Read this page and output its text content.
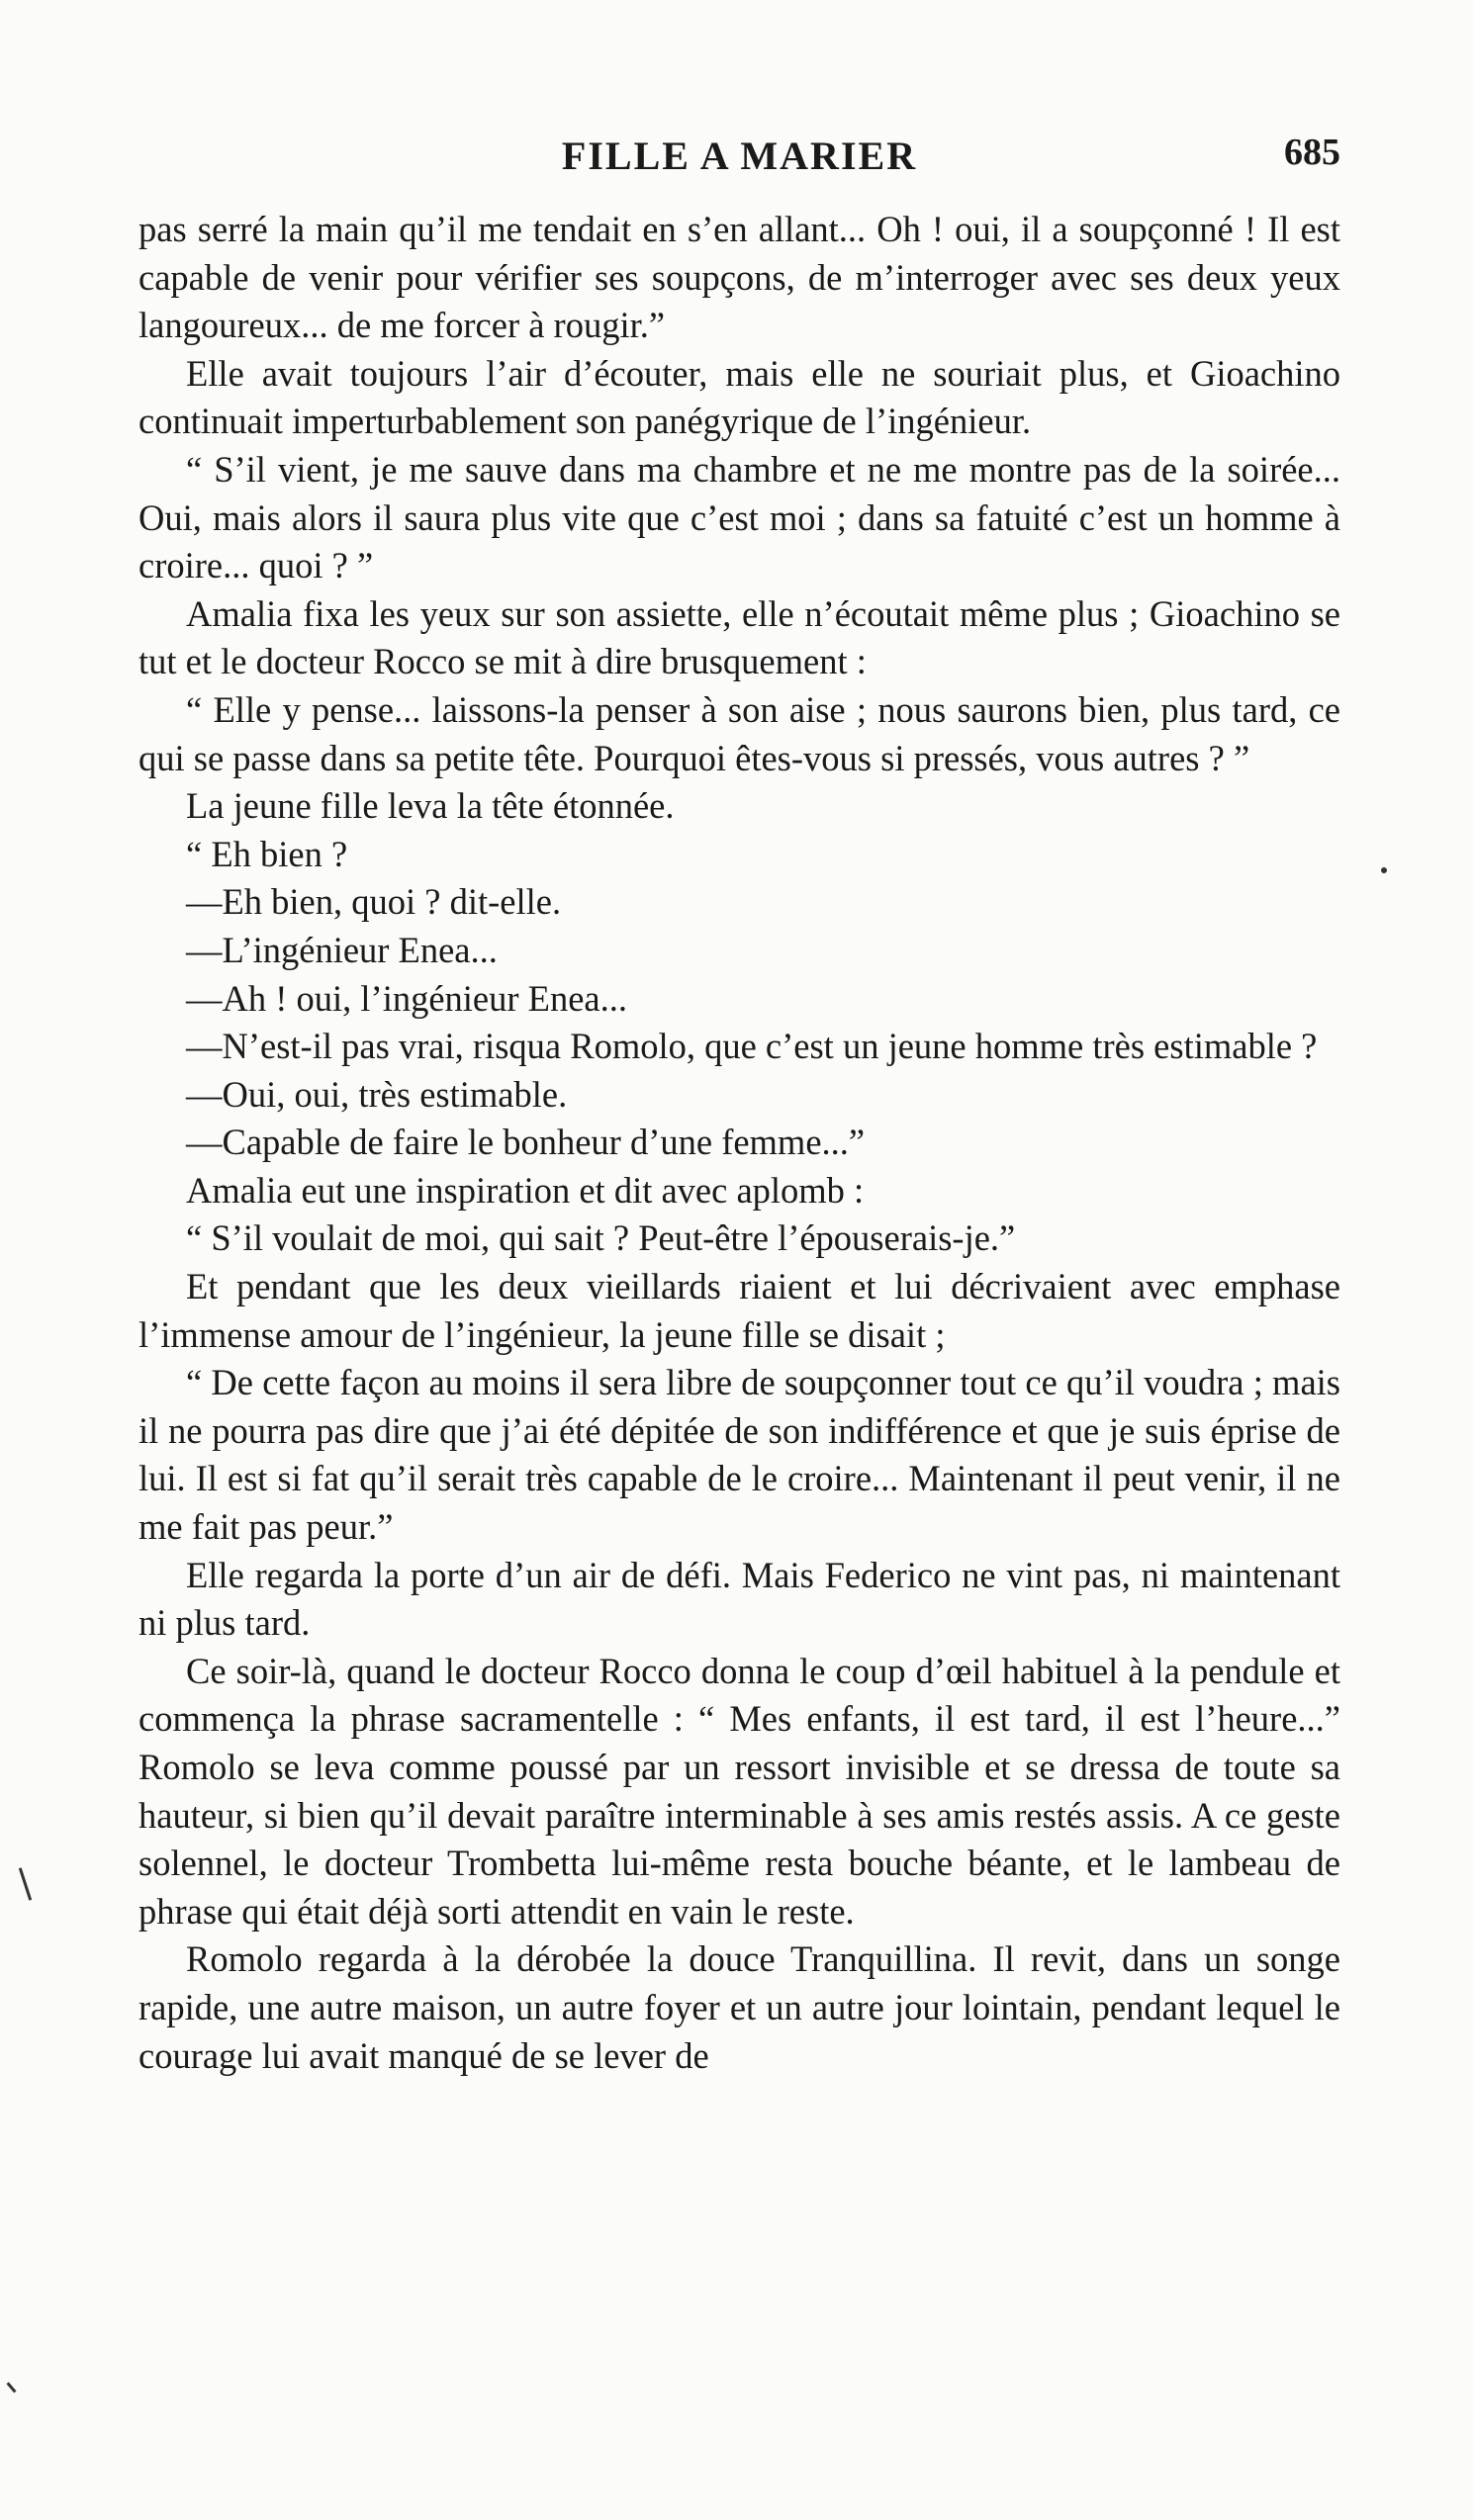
FILLE A MARIER	685

pas serré la main qu’il me tendait en s’en allant... Oh ! oui, il a soupçonné ! Il est capable de venir pour vérifier ses soupçons, de m’interroger avec ses deux yeux langoureux... de me forcer à rougir.”

Elle avait toujours l’air d’écouter, mais elle ne souriait plus, et Gioachino continuait imperturbablement son panégyrique de l’ingénieur.

“ S’il vient, je me sauve dans ma chambre et ne me montre pas de la soirée... Oui, mais alors il saura plus vite que c’est moi ; dans sa fatuité c’est un homme à croire... quoi ? ”

Amalia fixa les yeux sur son assiette, elle n’écoutait même plus ; Gioachino se tut et le docteur Rocco se mit à dire brusquement :

“ Elle y pense... laissons-la penser à son aise ; nous saurons bien, plus tard, ce qui se passe dans sa petite tête. Pourquoi êtes-vous si pressés, vous autres ? ”

La jeune fille leva la tête étonnée.

“ Eh bien ?

—Eh bien, quoi ? dit-elle.

—L’ingénieur Enea...

—Ah ! oui, l’ingénieur Enea...

—N’est-il pas vrai, risqua Romolo, que c’est un jeune homme très estimable ?

—Oui, oui, très estimable.

—Capable de faire le bonheur d’une femme...”

Amalia eut une inspiration et dit avec aplomb :

“ S’il voulait de moi, qui sait ? Peut-être l’épouserais-je.”

Et pendant que les deux vieillards riaient et lui décrivaient avec emphase l’immense amour de l’ingénieur, la jeune fille se disait ;

“ De cette façon au moins il sera libre de soupçonner tout ce qu’il voudra ; mais il ne pourra pas dire que j’ai été dépitée de son indifférence et que je suis éprise de lui. Il est si fat qu’il serait très capable de le croire... Maintenant il peut venir, il ne me fait pas peur.”

Elle regarda la porte d’un air de défi. Mais Federico ne vint pas, ni maintenant ni plus tard.

Ce soir-là, quand le docteur Rocco donna le coup d’œil habituel à la pendule et commença la phrase sacramentelle : “ Mes enfants, il est tard, il est l’heure...” Romolo se leva comme poussé par un ressort invisible et se dressa de toute sa hauteur, si bien qu’il devait paraître interminable à ses amis restés assis. A ce geste solennel, le docteur Trombetta lui-même resta bouche béante, et le lambeau de phrase qui était déjà sorti attendit en vain le reste.

Romolo regarda à la dérobée la douce Tranquillina. Il revit, dans un songe rapide, une autre maison, un autre foyer et un autre jour lointain, pendant lequel le courage lui avait manqué de se lever de
